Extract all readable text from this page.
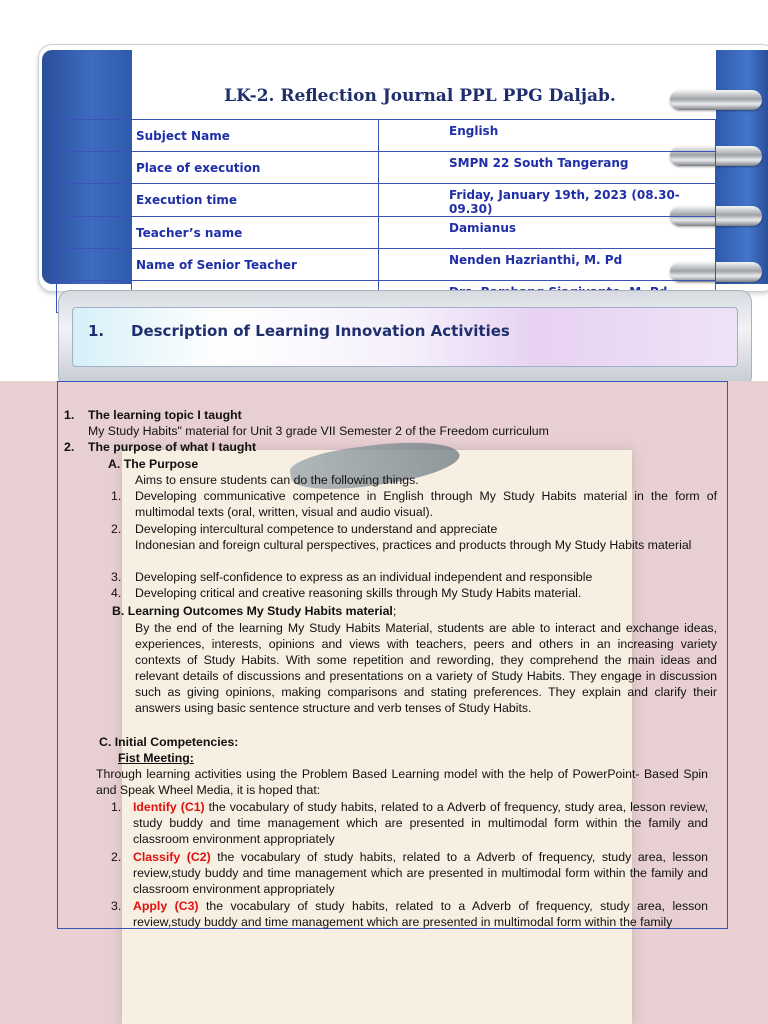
LK-2. Reflection Journal PPL PPG Daljab.
	Subject Name	English
	Place of execution	SMPN 22 South Tangerang
	Execution time	Friday, January 19th, 2023 (08.30-09.30)
	Teacher’s name	Damianus
	Name of Senior Teacher	Nenden Hazrianthi, M. Pd

1. Description of Learning Innovation Activities
1. The learning topic I taught
My Study Habits" material for Unit 3 grade VII Semester 2 of the Freedom curriculum
2. The purpose of what I taught
A. The Purpose
Aims to ensure students can do the following things.
1. Developing communicative competence in English through My Study Habits material in the form of multimodal texts (oral, written, visual and audio visual).
2. Developing intercultural competence to understand and appreciate
Indonesian and foreign cultural perspectives, practices and products through My Study Habits material
3. Developing self-confidence to express as an individual independent and responsible
4. Developing critical and creative reasoning skills through My Study Habits material.
B. Learning Outcomes My Study Habits material;
By the end of the learning My Study Habits Material, students are able to interact and exchange ideas, experiences, interests, opinions and views with teachers, peers and others in an increasing variety contexts of Study Habits. With some repetition and rewording, they comprehend the main ideas and relevant details of discussions and presentations on a variety of Study Habits. They engage in discussion such as giving opinions, making comparisons and stating preferences. They explain and clarify their answers using basic sentence structure and verb tenses of Study Habits.
C. Initial Competencies:
Fist Meeting:
Through learning activities using the Problem Based Learning model with the help of PowerPoint- Based Spin and Speak Wheel Media, it is hoped that:
1. Identify (C1) the vocabulary of study habits, related to a Adverb of frequency, study area, lesson review, study buddy and time management which are presented in multimodal form within the family and classroom environment appropriately
2. Classify (C2) the vocabulary of study habits, related to a Adverb of frequency, study area, lesson review,study buddy and time management which are presented in multimodal form within the family and classroom environment appropriately
3. Apply (C3) the vocabulary of study habits, related to a Adverb of frequency, study area, lesson review,study buddy and time management which are presented in multimodal form within the family
